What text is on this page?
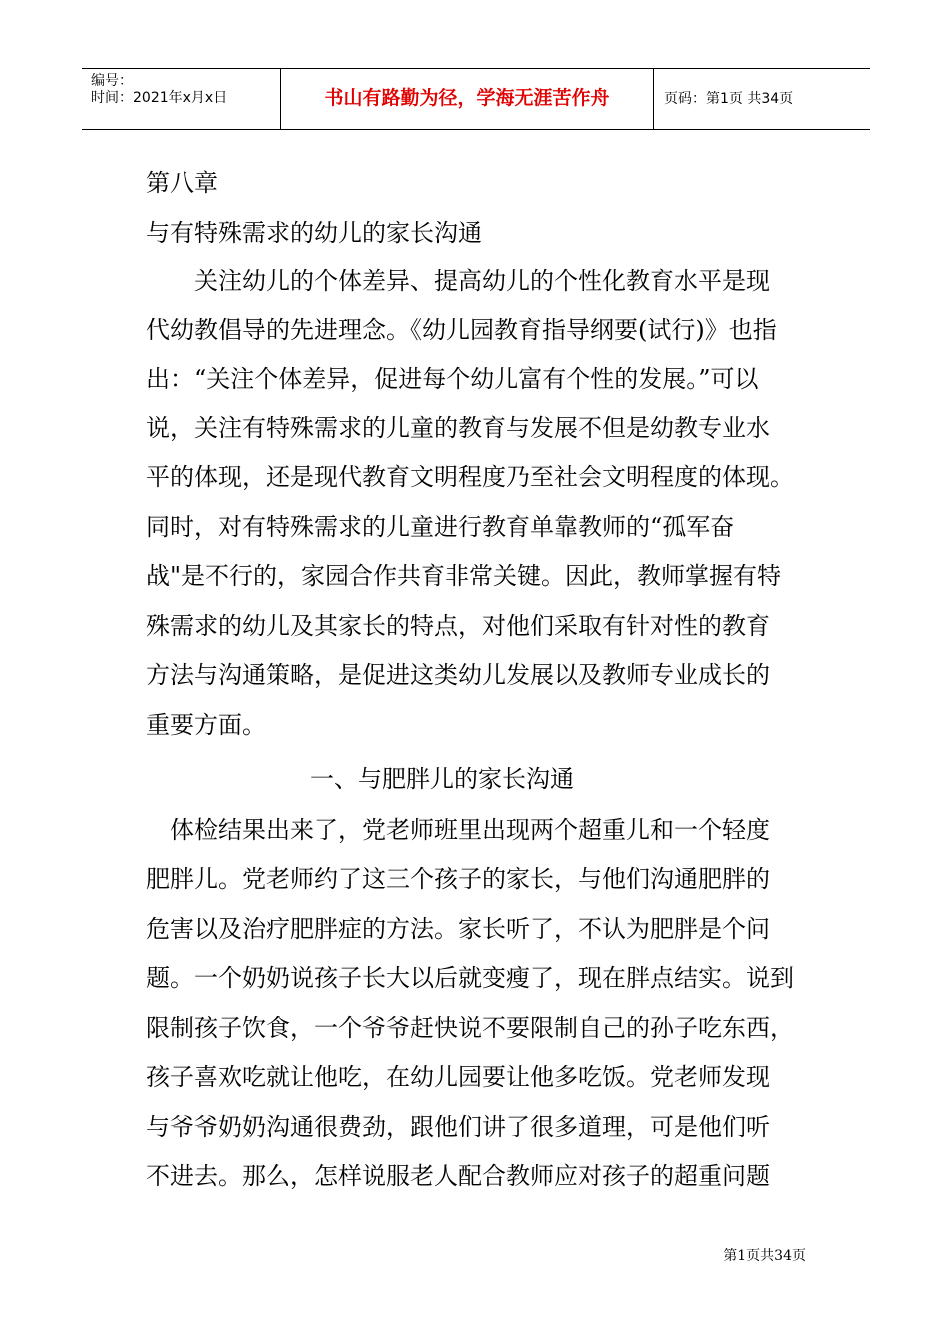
编号：
时间：2021年x月x日	书山有路勤为径，学海无涯苦作舟	页码：第1页 共34页
第八章
与有特殊需求的幼儿的家长沟通
关注幼儿的个体差异、提高幼儿的个性化教育水平是现
代幼教倡导的先进理念。《幼儿园教育指导纲要(试行)》也指
出：“关注个体差异，促进每个幼儿富有个性的发展。”可以
说，关注有特殊需求的儿童的教育与发展不但是幼教专业水
平的体现，还是现代教育文明程度乃至社会文明程度的体现。
同时，对有特殊需求的儿童进行教育单靠教师的“孤军奋
战"是不行的，家园合作共育非常关键。因此，教师掌握有特
殊需求的幼儿及其家长的特点，对他们采取有针对性的教育
方法与沟通策略，是促进这类幼儿发展以及教师专业成长的
重要方面。
一、与肥胖儿的家长沟通
体检结果出来了，党老师班里出现两个超重儿和一个轻度
肥胖儿。党老师约了这三个孩子的家长，与他们沟通肥胖的
危害以及治疗肥胖症的方法。家长听了，不认为肥胖是个问
题。一个奶奶说孩子长大以后就变瘦了，现在胖点结实。说到
限制孩子饮食，一个爷爷赶快说不要限制自己的孙子吃东西，
孩子喜欢吃就让他吃，在幼儿园要让他多吃饭。党老师发现
与爷爷奶奶沟通很费劲，跟他们讲了很多道理，可是他们听
不进去。那么，怎样说服老人配合教师应对孩子的超重问题
第1页共34页
